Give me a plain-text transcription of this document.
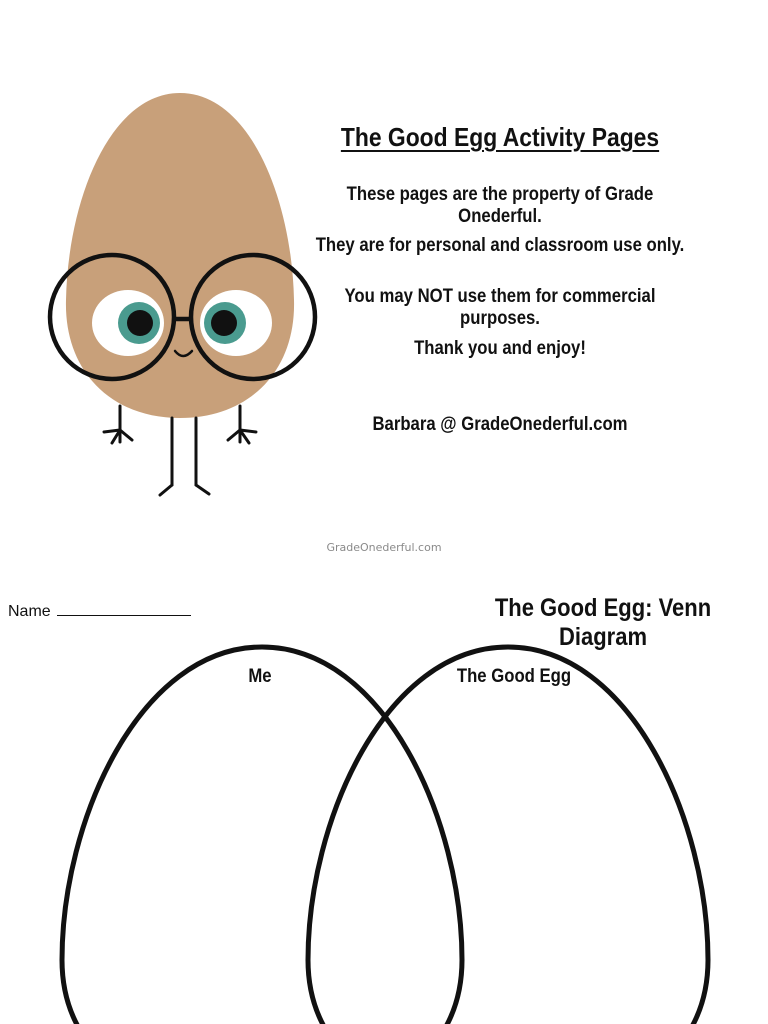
The Good Egg Activity Pages
These pages are the property of Grade Onederful.
They are for personal and classroom use only.
You may NOT use them for commercial purposes.
Thank you and enjoy!
Barbara @ GradeOnederful.com
GradeOnederful.com
Name	The Good Egg: Venn Diagram
Me	The Good Egg
